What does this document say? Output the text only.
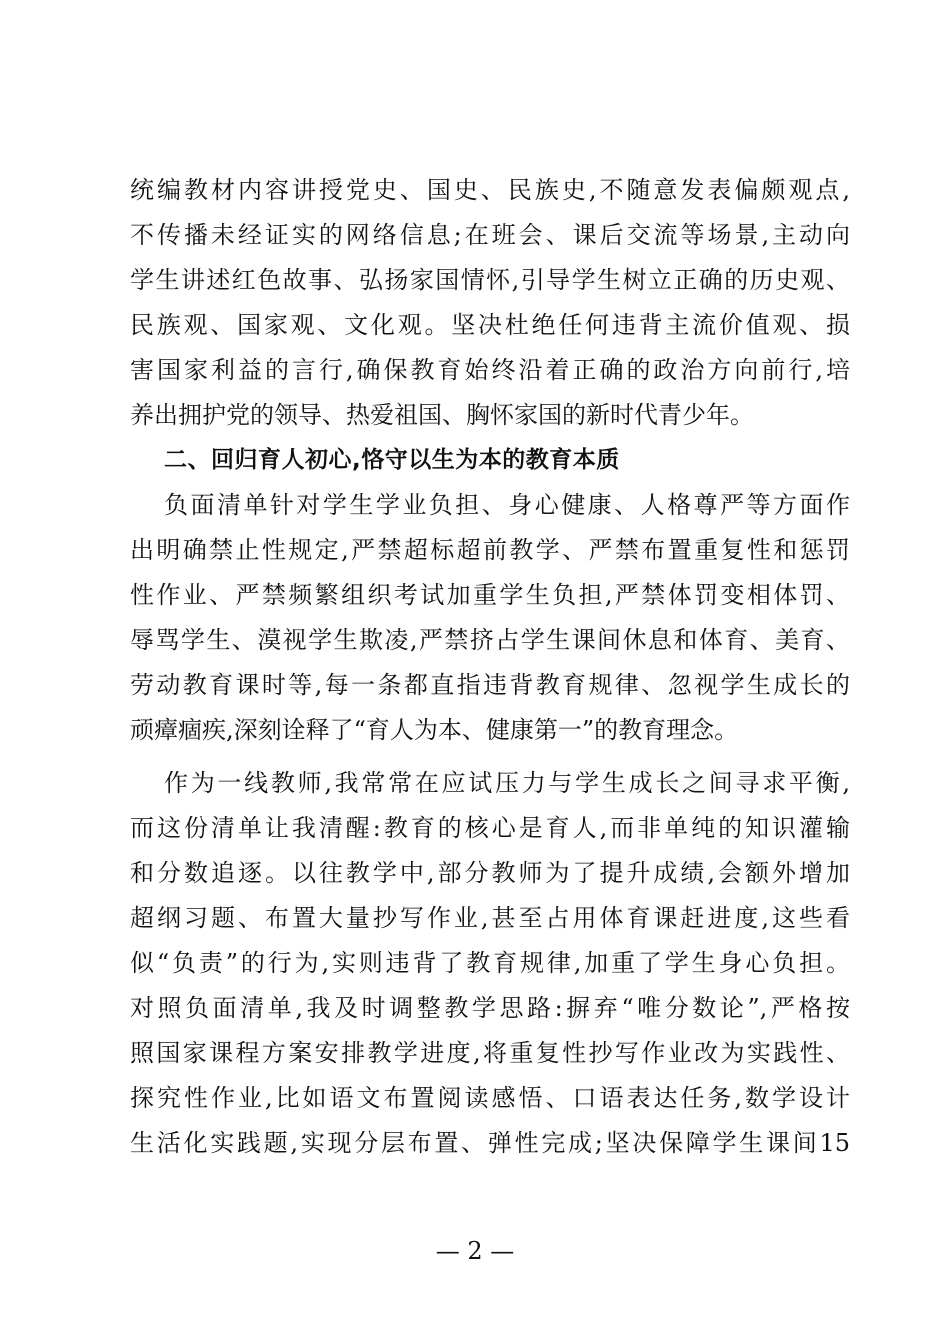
统编教材内容讲授党史、国史、民族史,不随意发表偏颇观点,
不传播未经证实的网络信息;在班会、课后交流等场景,主动向
学生讲述红色故事、弘扬家国情怀,引导学生树立正确的历史观、
民族观、国家观、文化观。坚决杜绝任何违背主流价值观、损
害国家利益的言行,确保教育始终沿着正确的政治方向前行,培
养出拥护党的领导、热爱祖国、胸怀家国的新时代青少年。
二、回归育人初心,恪守以生为本的教育本质
负面清单针对学生学业负担、身心健康、人格尊严等方面作
出明确禁止性规定,严禁超标超前教学、严禁布置重复性和惩罚
性作业、严禁频繁组织考试加重学生负担,严禁体罚变相体罚、
辱骂学生、漠视学生欺凌,严禁挤占学生课间休息和体育、美育、
劳动教育课时等,每一条都直指违背教育规律、忽视学生成长的
顽瘴痼疾,深刻诠释了“育人为本、健康第一”的教育理念。
作为一线教师,我常常在应试压力与学生成长之间寻求平衡,
而这份清单让我清醒:教育的核心是育人,而非单纯的知识灌输
和分数追逐。以往教学中,部分教师为了提升成绩,会额外增加
超纲习题、布置大量抄写作业,甚至占用体育课赶进度,这些看
似“负责”的行为,实则违背了教育规律,加重了学生身心负担。
对照负面清单,我及时调整教学思路:摒弃“唯分数论”,严格按
照国家课程方案安排教学进度,将重复性抄写作业改为实践性、
探究性作业,比如语文布置阅读感悟、口语表达任务,数学设计
生活化实践题,实现分层布置、弹性完成;坚决保障学生课间15
— 2 —
